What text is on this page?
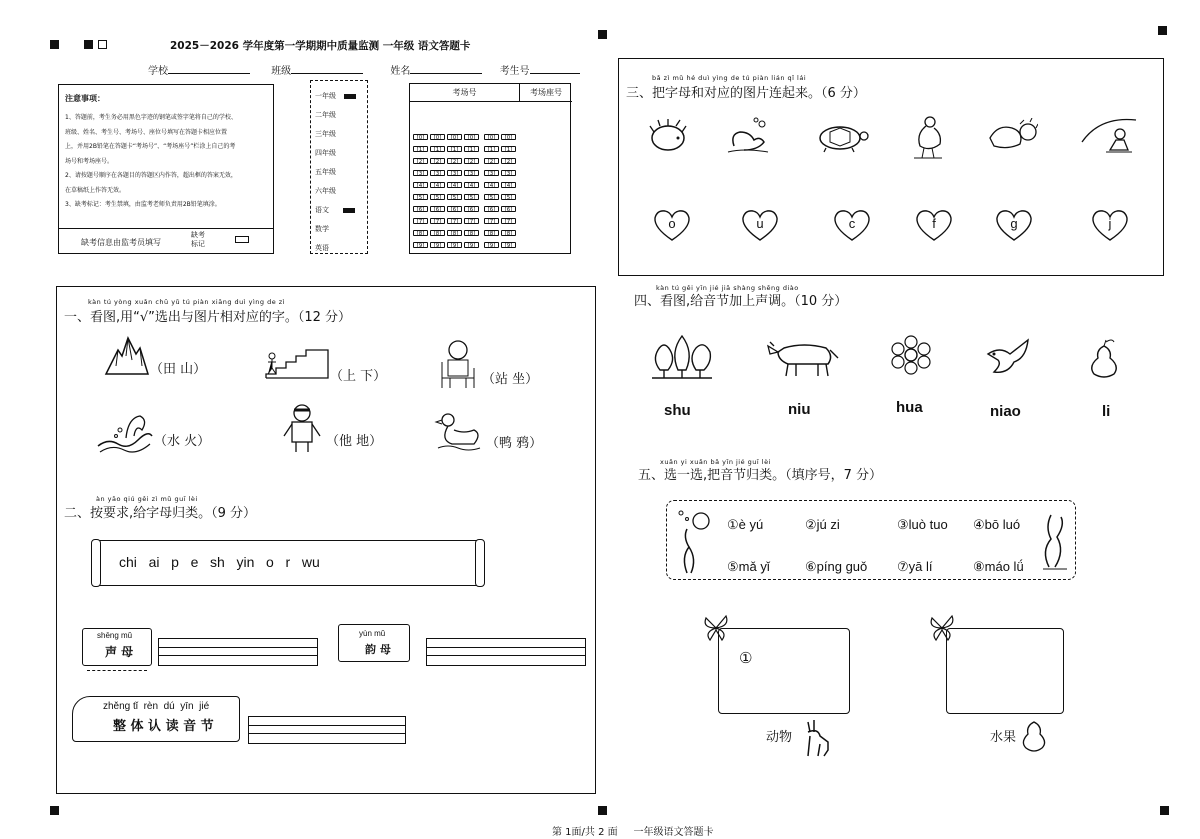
2025－2026 学年度第一学期期中质量监测 一年级 语文答题卡
学校	班级	姓名	考生号
注意事项：
1、答题前，考生务必用黑色字迹的钢笔或签字笔将自己的学校、
班级、姓名、考生号、考场号、座位号填写在答题卡相应位置
上，并用2B铅笔在答题卡“考场号”、“考场座号”栏涂上自己的考
场号和考场座号。
2、请按题号顺序在各题目的答题区内作答，超出框的答案无效，
在草稿纸上作答无效。
3、缺考标记：考生禁填，由监考老师负责用2B铅笔填涂。
缺考信息由监考员填写
缺考
标记
一年级
二年级
三年级
四年级
五年级
六年级
语文
数学
英语
考场号	考场座号
[0] [0] [0] [0] [0] [0]
[1] [1] [1] [1] [1] [1]
[2] [2] [2] [2] [2] [2]
[3] [3] [3] [3] [3] [3]
[4] [4] [4] [4] [4] [4]
[5] [5] [5] [5] [5] [5]
[6] [6] [6] [6] [6] [6]
[7] [7] [7] [7] [7] [7]
[8] [8] [8] [8] [8] [8]
[9] [9] [9] [9] [9] [9]
kàn tú yòng xuǎn chū yǔ tú piàn xiāng duì yìng de zì
一、看图,用“√”选出与图片相对应的字。（12 分）
（田 山）	（上 下）	（站 坐）
（水 火）	（他 地）	（鸭 鸦）
àn yāo qiú gěi zì mǔ guī lèi
二、按要求,给字母归类。（9 分）
chi   ai   p   e   sh   yin   o   r   wu
shēng mǔ
声 母
yùn mǔ
韵 母
zhěng tǐ  rèn  dú  yīn  jié
整 体 认 读 音 节
bǎ zì mǔ hé duì yìng de tú piàn lián qǐ lái
三、把字母和对应的图片连起来。（6 分）
o	u	c	f	g	j
kàn tú gěi yīn jié jiā shàng shēng diào
四、看图,给音节加上声调。（10 分）
shu	niu	hua	niao	li
xuǎn yi xuǎn bǎ yīn jié guī lèi
五、选一选,把音节归类。（填序号，7 分）
①è yú	②jú zi	③luò tuo ④bō luó
⑤mǎ yǐ	⑥píng guǒ ⑦yā lí	⑧máo lǘ
①
动物	水果
第 1面/共 2 面     一年级语文答题卡
